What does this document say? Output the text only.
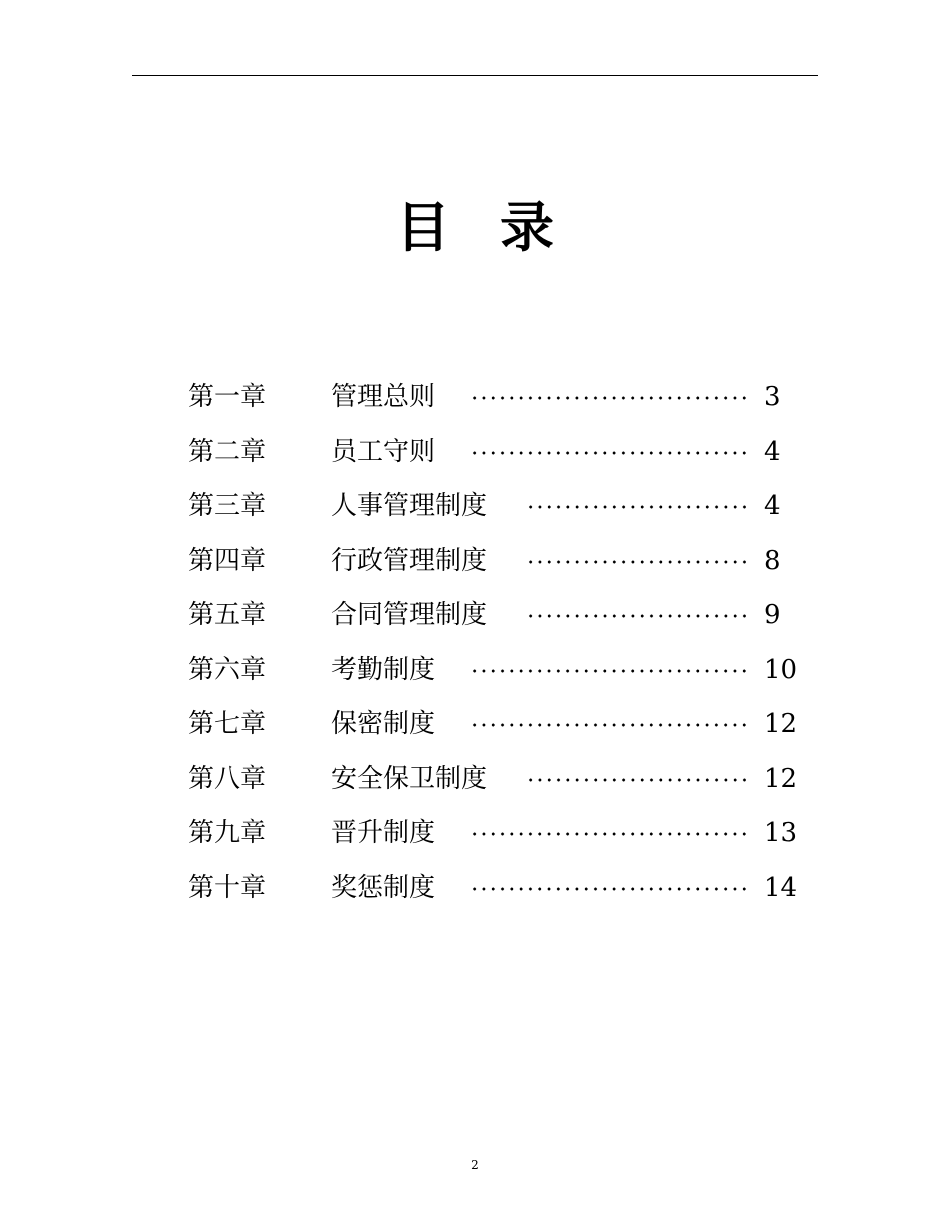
目 录
第一章 管理总则	3
第二章 员工守则	4
第三章 人事管理制度	4
第四章 行政管理制度	8
第五章 合同管理制度	9
第六章 考勤制度	10
第七章 保密制度	12
第八章 安全保卫制度	12
第九章 晋升制度	13
第十章 奖惩制度	14
2
